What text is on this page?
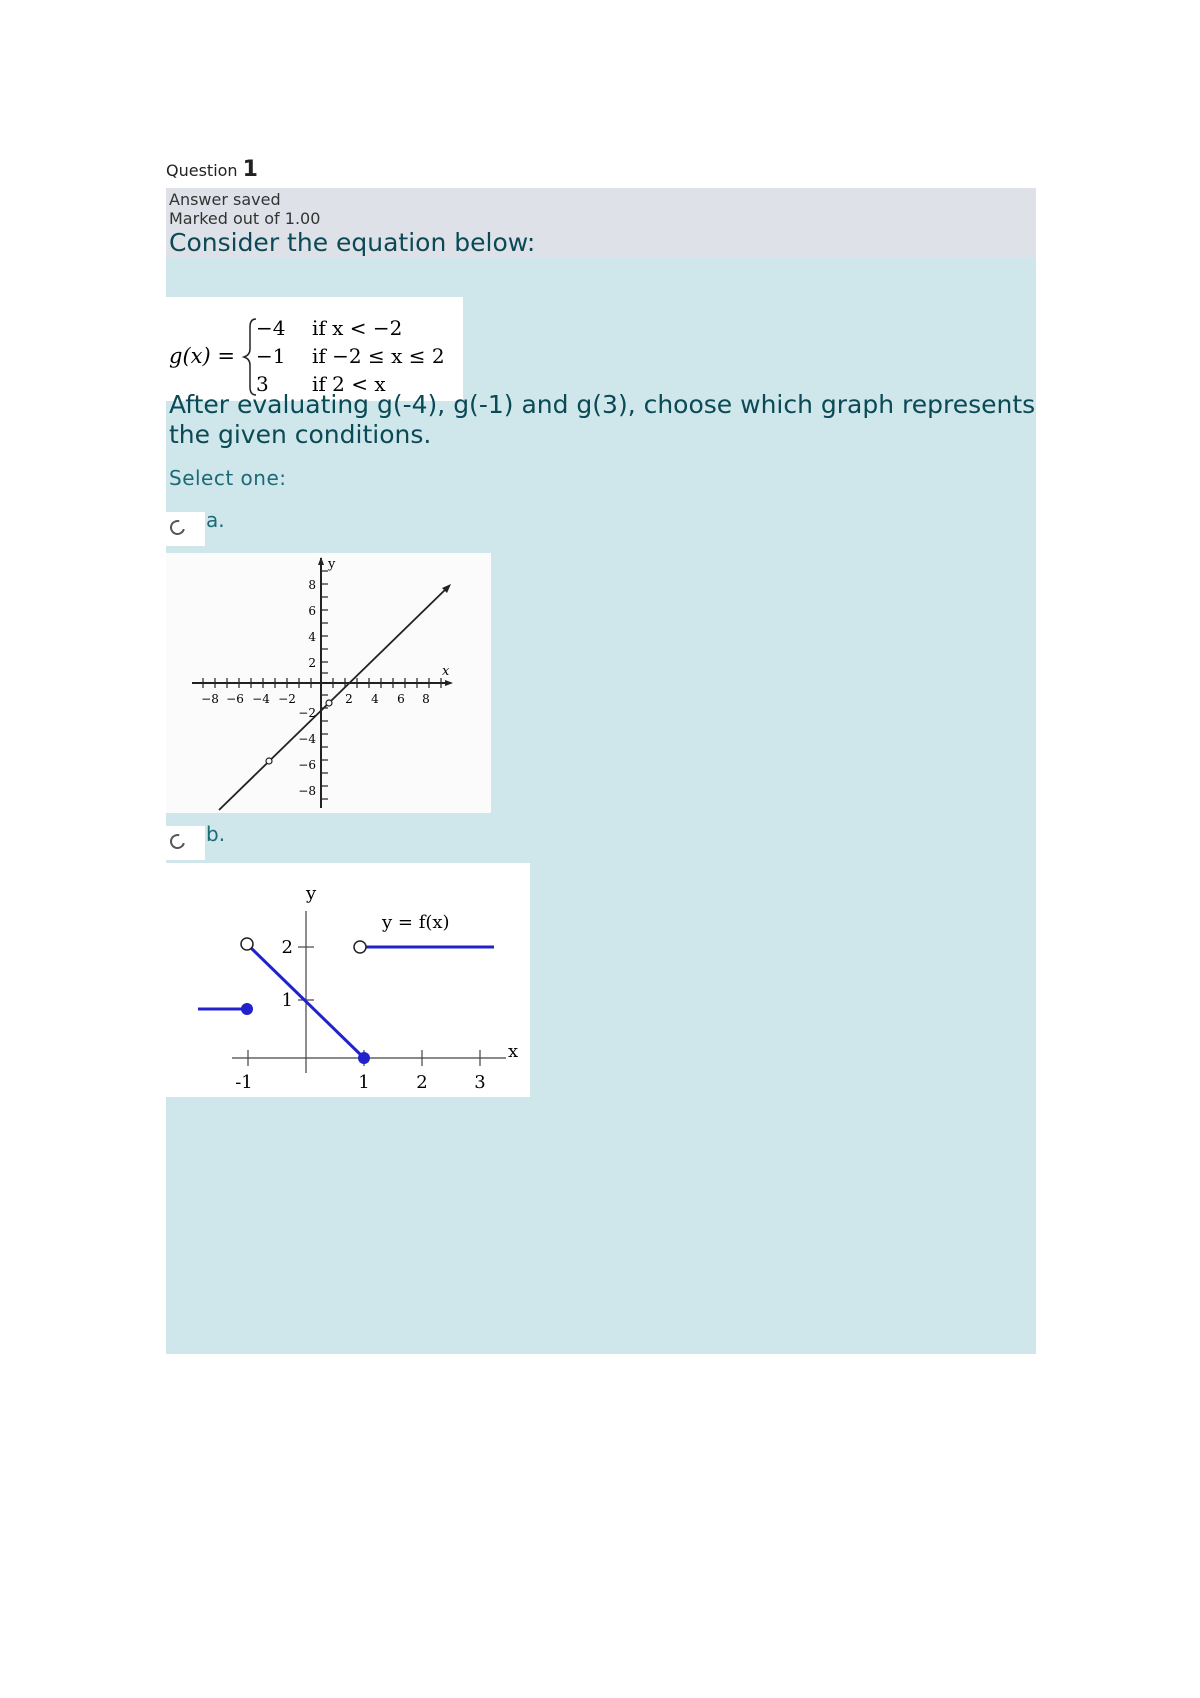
Question 1
Answer saved
Marked out of 1.00
Consider the equation below:
g(x) =
−4 if x < −2
−1 if −2 ≤ x ≤ 2
3 if 2 < x
After evaluating g(-4), g(-1) and g(3), choose which graph represents the given conditions.
Select one:
a.
y
x
−8 −6 −4 −2	2 4 6 8
8
6
4
2
−2
−4
−6
−8
b.
y
x
y = f(x)
-1	1	2	3
1
2
